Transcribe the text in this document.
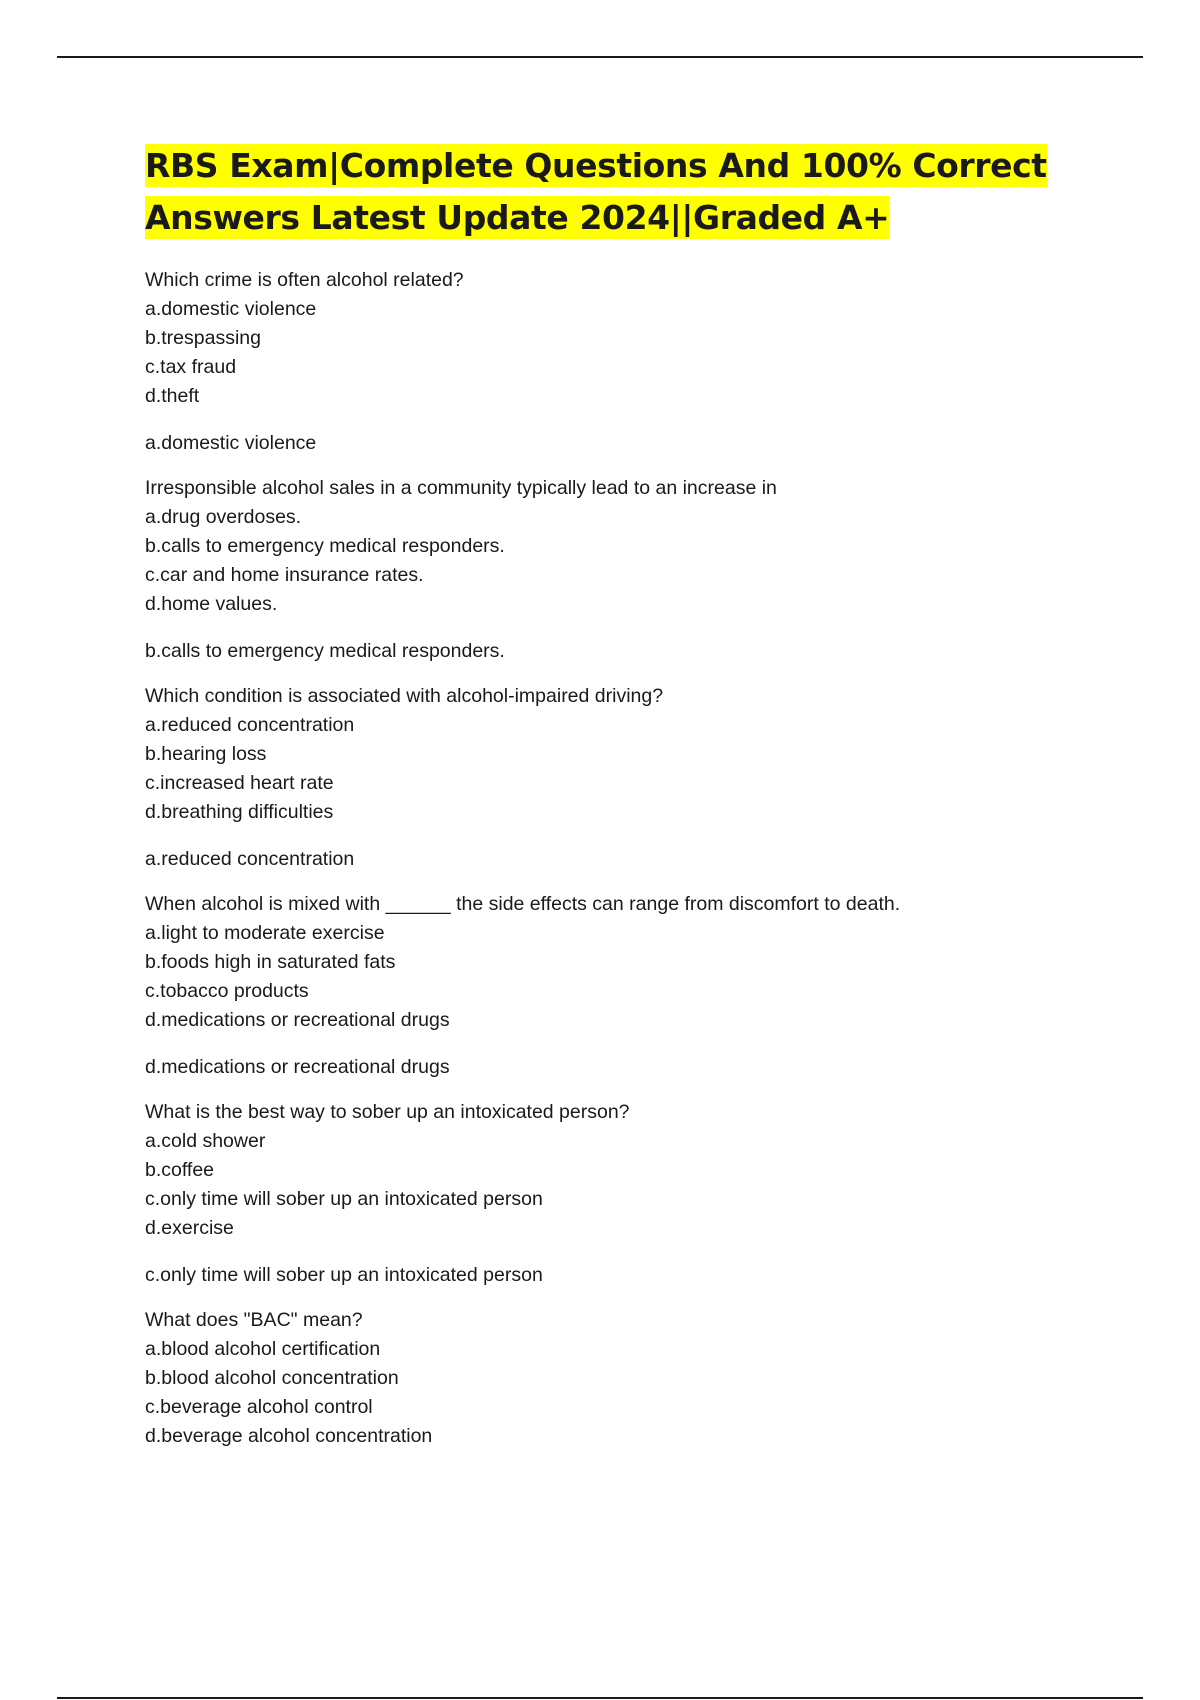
RBS Exam|Complete Questions And 100% Correct
Answers Latest Update 2024||Graded A+
Which crime is often alcohol related?
a.domestic violence
b.trespassing
c.tax fraud
d.theft
a.domestic violence
Irresponsible alcohol sales in a community typically lead to an increase in
a.drug overdoses.
b.calls to emergency medical responders.
c.car and home insurance rates.
d.home values.
b.calls to emergency medical responders.
Which condition is associated with alcohol-impaired driving?
a.reduced concentration
b.hearing loss
c.increased heart rate
d.breathing difficulties
a.reduced concentration
When alcohol is mixed with ______ the side effects can range from discomfort to death.
a.light to moderate exercise
b.foods high in saturated fats
c.tobacco products
d.medications or recreational drugs
d.medications or recreational drugs
What is the best way to sober up an intoxicated person?
a.cold shower
b.coffee
c.only time will sober up an intoxicated person
d.exercise
c.only time will sober up an intoxicated person
What does "BAC" mean?
a.blood alcohol certification
b.blood alcohol concentration
c.beverage alcohol control
d.beverage alcohol concentration
